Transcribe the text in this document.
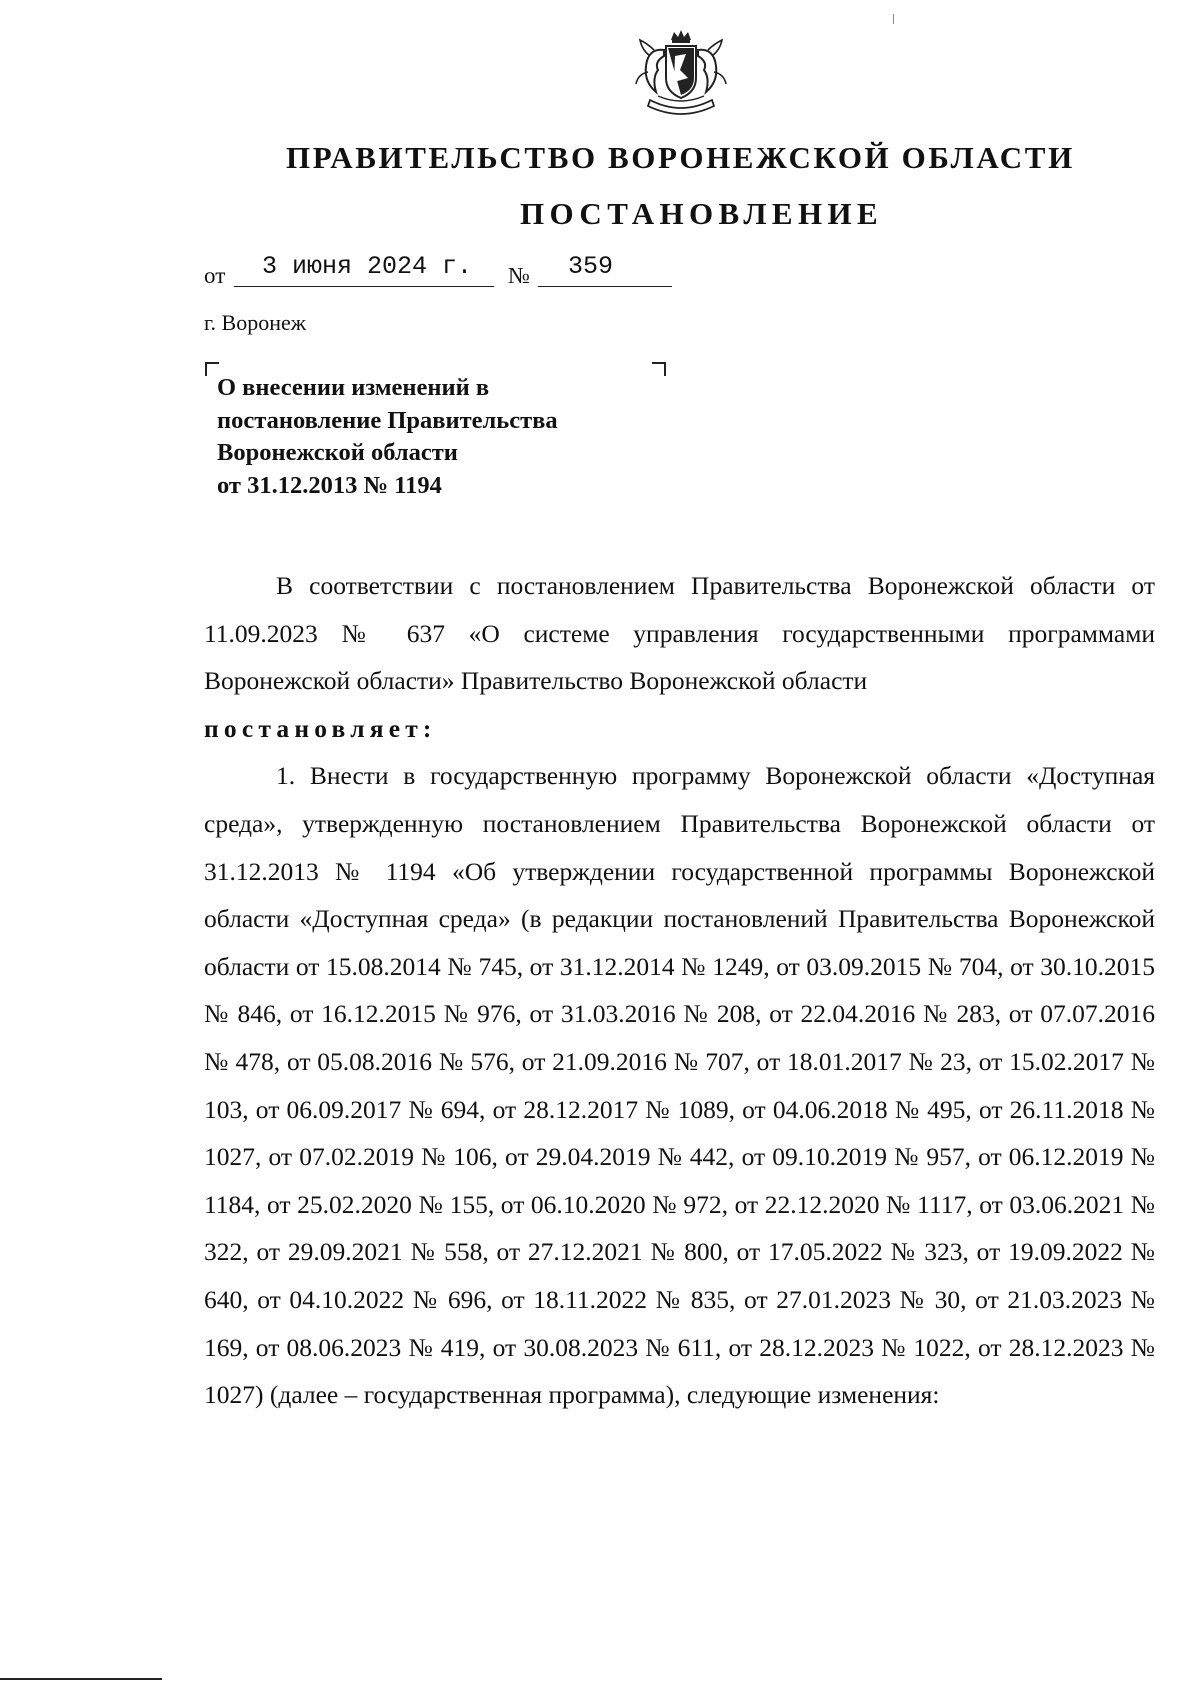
ПРАВИТЕЛЬСТВО ВОРОНЕЖСКОЙ ОБЛАСТИ
ПОСТАНОВЛЕНИЕ
от 3 июня 2024 г. № 359
г. Воронеж
О внесении изменений в
постановление Правительства
Воронежской области
от 31.12.2013 № 1194

В соответствии с постановлением Правительства Воронежской области от 11.09.2023 № 637 «О системе управления государственными программами Воронежской области» Правительство Воронежской области
постановляет:

1. Внести в государственную программу Воронежской области «Доступная среда», утвержденную постановлением Правительства Воронежской области от 31.12.2013 № 1194 «Об утверждении государственной программы Воронежской области «Доступная среда» (в редакции постановлений Правительства Воронежской области от 15.08.2014 № 745, от 31.12.2014 № 1249, от 03.09.2015 № 704, от 30.10.2015 № 846, от 16.12.2015 № 976, от 31.03.2016 № 208, от 22.04.2016 № 283, от 07.07.2016 № 478, от 05.08.2016 № 576, от 21.09.2016 № 707, от 18.01.2017 № 23, от 15.02.2017 № 103, от 06.09.2017 № 694, от 28.12.2017 № 1089, от 04.06.2018 № 495, от 26.11.2018 № 1027, от 07.02.2019 № 106, от 29.04.2019 № 442, от 09.10.2019 № 957, от 06.12.2019 № 1184, от 25.02.2020 № 155, от 06.10.2020 № 972, от 22.12.2020 № 1117, от 03.06.2021 № 322, от 29.09.2021 № 558, от 27.12.2021 № 800, от 17.05.2022 № 323, от 19.09.2022 № 640, от 04.10.2022 № 696, от 18.11.2022 № 835, от 27.01.2023 № 30, от 21.03.2023 № 169, от 08.06.2023 № 419, от 30.08.2023 № 611, от 28.12.2023 № 1022, от 28.12.2023 № 1027) (далее – государственная программа), следующие изменения:
